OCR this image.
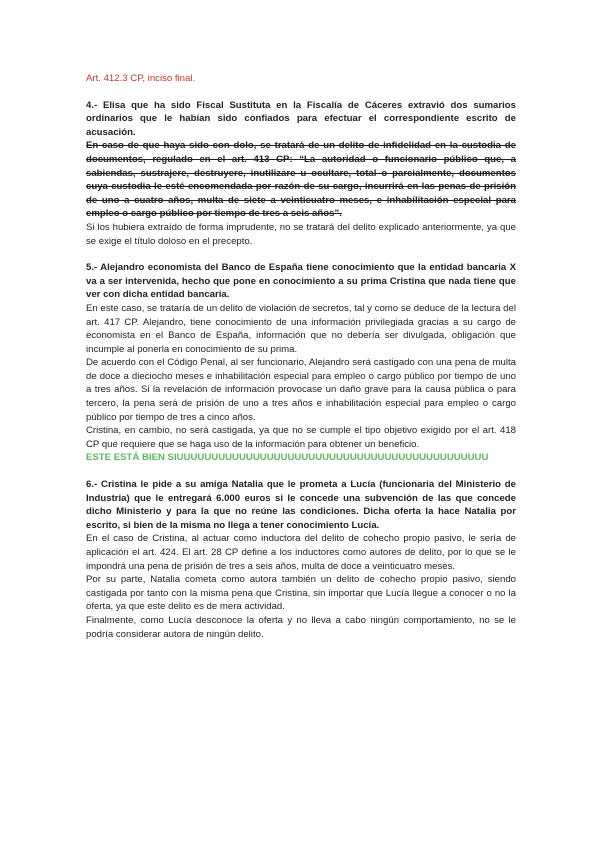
Art. 412.3 CP, inciso final.

4.- Elisa que ha sido Fiscal Sustituta en la Fiscalía de Cáceres extravió dos sumarios ordinarios que le habían sido confiados para efectuar el correspondiente escrito de acusación.

En caso de que haya sido con dolo, se tratará de un delito de infidelidad en la custodia de documentos, regulado en el art. 413 CP: “La autoridad o funcionario público que, a sabiendas, sustrajere, destruyere, inutilizare u ocultare, total o parcialmente, documentos cuya custodia le esté encomendada por razón de su cargo, incurrirá en las penas de prisión de uno a cuatro años, multa de siete a veinticuatro meses, e inhabilitación especial para empleo o cargo público por tiempo de tres a seis años”.

Si los hubiera extraído de forma imprudente, no se tratará del delito explicado anteriormente, ya que se exige el título doloso en el precepto.

5.- Alejandro economista del Banco de España tiene conocimiento que la entidad bancaria X va a ser intervenida, hecho que pone en conocimiento a su prima Cristina que nada tiene que ver con dicha entidad bancaria.

En este caso, se trataría de un delito de violación de secretos, tal y como se deduce de la lectura del art. 417 CP. Alejandro, tiene conocimiento de una información privilegiada gracias a su cargo de economista en el Banco de España, información que no debería ser divulgada, obligación que incumple al ponerla en conocimiento de su prima.

De acuerdo con el Código Penal, al ser funcionario, Alejandro será castigado con una pena de multa de doce a dieciocho meses e inhabilitación especial para empleo o cargo público por tiempo de uno a tres años. Si la revelación de información provocase un daño grave para la causa pública o para tercero, la pena será de prisión de uno a tres años e inhabilitación especial para empleo o cargo público por tiempo de tres a cinco años.

Cristina, en cambio, no será castigada, ya que no se cumple el tipo objetivo exigido por el art. 418 CP que requiere que se haga uso de la información para obtener un beneficio.

ESTE ESTÁ BIEN SIUUUUUUUUUUUUUUUUUUUUUUUUUUUUUUUUUUUUUUUUUUUUU

6.- Cristina le pide a su amiga Natalia que le prometa a Lucía (funcionaria del Ministerio de Industria) que le entregará 6.000 euros si le concede una subvención de las que concede dicho Ministerio y para la que no reúne las condiciones. Dicha oferta la hace Natalia por escrito, si bien de la misma no llega a tener conocimiento Lucía.

En el caso de Cristina, al actuar como inductora del delito de cohecho propio pasivo, le sería de aplicación el art. 424. El art. 28 CP define a los inductores como autores de delito, por lo que se le impondrá una pena de prisión de tres a seis años, multa de doce a veinticuatro meses.

Por su parte, Natalia cometa como autora también un delito de cohecho propio pasivo, siendo castigada por tanto con la misma pena que Cristina, sin importar que Lucía llegue a conocer o no la oferta, ya que este delito es de mera actividad.

Finalmente, como Lucía desconoce la oferta y no lleva a cabo ningún comportamiento, no se le podría considerar autora de ningún delito.
